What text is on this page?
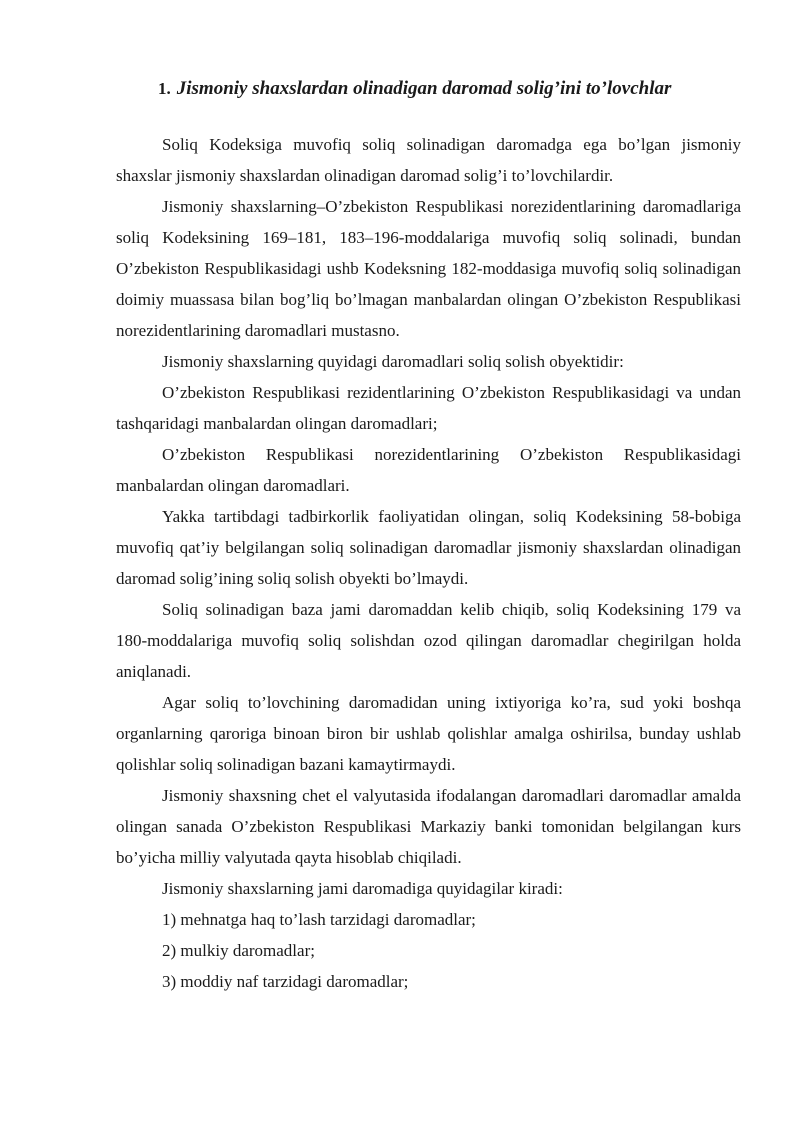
1. Jismoniy shaxslardan olinadigan daromad solig’ini to’lovchlar

Soliq Kodeksiga muvofiq soliq solinadigan daromadga ega bo’lgan jismoniy shaxslar jismoniy shaxslardan olinadigan daromad solig’i to’lovchilardir.

Jismoniy shaxslarning–O’zbekiston Respublikasi norezidentlarining daromadlariga soliq Kodeksining 169–181, 183–196-moddalariga muvofiq soliq solinadi, bundan O’zbekiston Respublikasidagi ushb Kodeksning 182-moddasiga muvofiq soliq solinadigan doimiy muassasa bilan bog’liq bo’lmagan manbalardan olingan O’zbekiston Respublikasi norezidentlarining daromadlari mustasno.

Jismoniy shaxslarning quyidagi daromadlari soliq solish obyektidir:

O’zbekiston Respublikasi rezidentlarining O’zbekiston Respublikasidagi va undan tashqaridagi manbalardan olingan daromadlari;

O’zbekiston Respublikasi norezidentlarining O’zbekiston Respublikasidagi manbalardan olingan daromadlari.

Yakka tartibdagi tadbirkorlik faoliyatidan olingan, soliq Kodeksining 58-bobiga muvofiq qat’iy belgilangan soliq solinadigan daromadlar jismoniy shaxslardan olinadigan daromad solig’ining soliq solish obyekti bo’lmaydi.

Soliq solinadigan baza jami daromaddan kelib chiqib, soliq Kodeksining 179 va 180-moddalariga muvofiq soliq solishdan ozod qilingan daromadlar chegirilgan holda aniqlanadi.

Agar soliq to’lovchining daromadidan uning ixtiyoriga ko’ra, sud yoki boshqa organlarning qaroriga binoan biron bir ushlab qolishlar amalga oshirilsa, bunday ushlab qolishlar soliq solinadigan bazani kamaytirmaydi.

Jismoniy shaxsning chet el valyutasida ifodalangan daromadlari daromadlar amalda olingan sanada O’zbekiston Respublikasi Markaziy banki tomonidan belgilangan kurs bo’yicha milliy valyutada qayta hisoblab chiqiladi.

Jismoniy shaxslarning jami daromadiga quyidagilar kiradi:

1) mehnatga haq to’lash tarzidagi daromadlar;

2) mulkiy daromadlar;

3) moddiy naf tarzidagi daromadlar;
